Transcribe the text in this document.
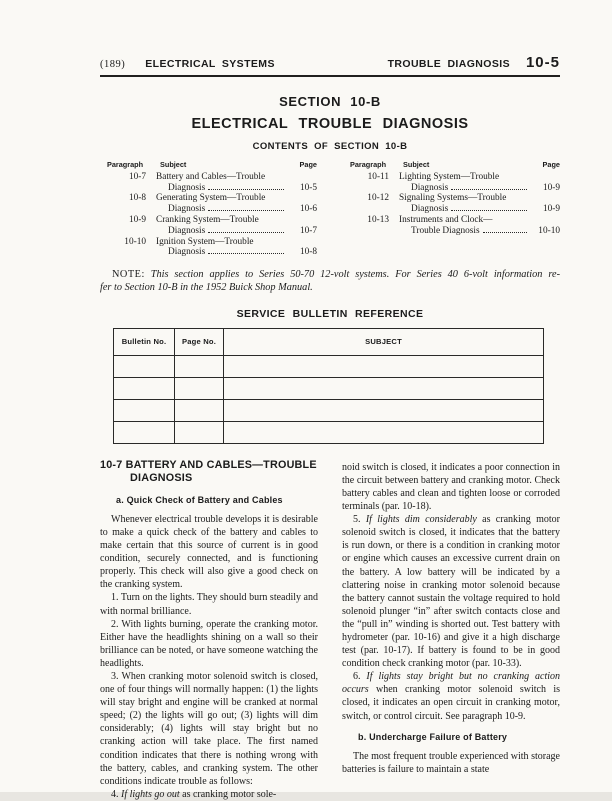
(189) ELECTRICAL SYSTEMS	TROUBLE DIAGNOSIS 10-5
SECTION 10-B
ELECTRICAL TROUBLE DIAGNOSIS
CONTENTS OF SECTION 10-B
Paragraph	Subject	Page
10-7	Battery and Cables—Trouble
Diagnosis	10-5
10-8	Generating System—Trouble
Diagnosis	10-6
10-9	Cranking System—Trouble
Diagnosis	10-7
10-10	Ignition System—Trouble
Diagnosis	10-8
Paragraph	Subject	Page
10-11	Lighting System—Trouble
Diagnosis	10-9
10-12	Signaling Systems—Trouble
Diagnosis	10-9
10-13	Instruments and Clock—
Trouble Diagnosis	10-10
NOTE: This section applies to Series 50-70 12-volt systems. For Series 40 6-volt information re-
fer to Section 10-B in the 1952 Buick Shop Manual.
SERVICE BULLETIN REFERENCE
Bulletin No.	Page No.	SUBJECT

10-7 BATTERY AND CABLES—TROUBLE
DIAGNOSIS
a. Quick Check of Battery and Cables

Whenever electrical trouble develops it is desirable to make a quick check of the battery and cables to make certain that this source of current is in good condition, securely connected, and is functioning properly. This check will also give a good check on the cranking system.

1. Turn on the lights. They should burn steadily and with normal brilliance.

2. With lights burning, operate the cranking motor. Either have the headlights shining on a wall so their brilliance can be noted, or have someone watching the headlights.

3. When cranking motor solenoid switch is closed, one of four things will normally happen: (1) the lights will stay bright and engine will be cranked at normal speed; (2) the lights will go out; (3) lights will dim considerably; (4) lights will stay bright but no cranking action will take place. The first named condition indicates that there is nothing wrong with the battery, cables, and cranking system. The other conditions indicate trouble as follows:

4. If lights go out as cranking motor sole-

noid switch is closed, it indicates a poor connection in the circuit between battery and cranking motor. Check battery cables and clean and tighten loose or corroded terminals (par. 10-18).

5. If lights dim considerably as cranking motor solenoid switch is closed, it indicates that the battery is run down, or there is a condition in cranking motor or engine which causes an excessive current drain on the battery. A low battery will be indicated by a clattering noise in cranking motor solenoid because the battery cannot sustain the voltage required to hold solenoid plunger “in” after switch contacts close and the “pull in” winding is shorted out. Test battery with hydrometer (par. 10-16) and give it a high discharge test (par. 10-17). If battery is found to be in good condition check cranking motor (par. 10-33).

6. If lights stay bright but no cranking action occurs when cranking motor solenoid switch is closed, it indicates an open circuit in cranking motor, switch, or control circuit. See paragraph 10-9.

b. Undercharge Failure of Battery

The most frequent trouble experienced with storage batteries is failure to maintain a state
